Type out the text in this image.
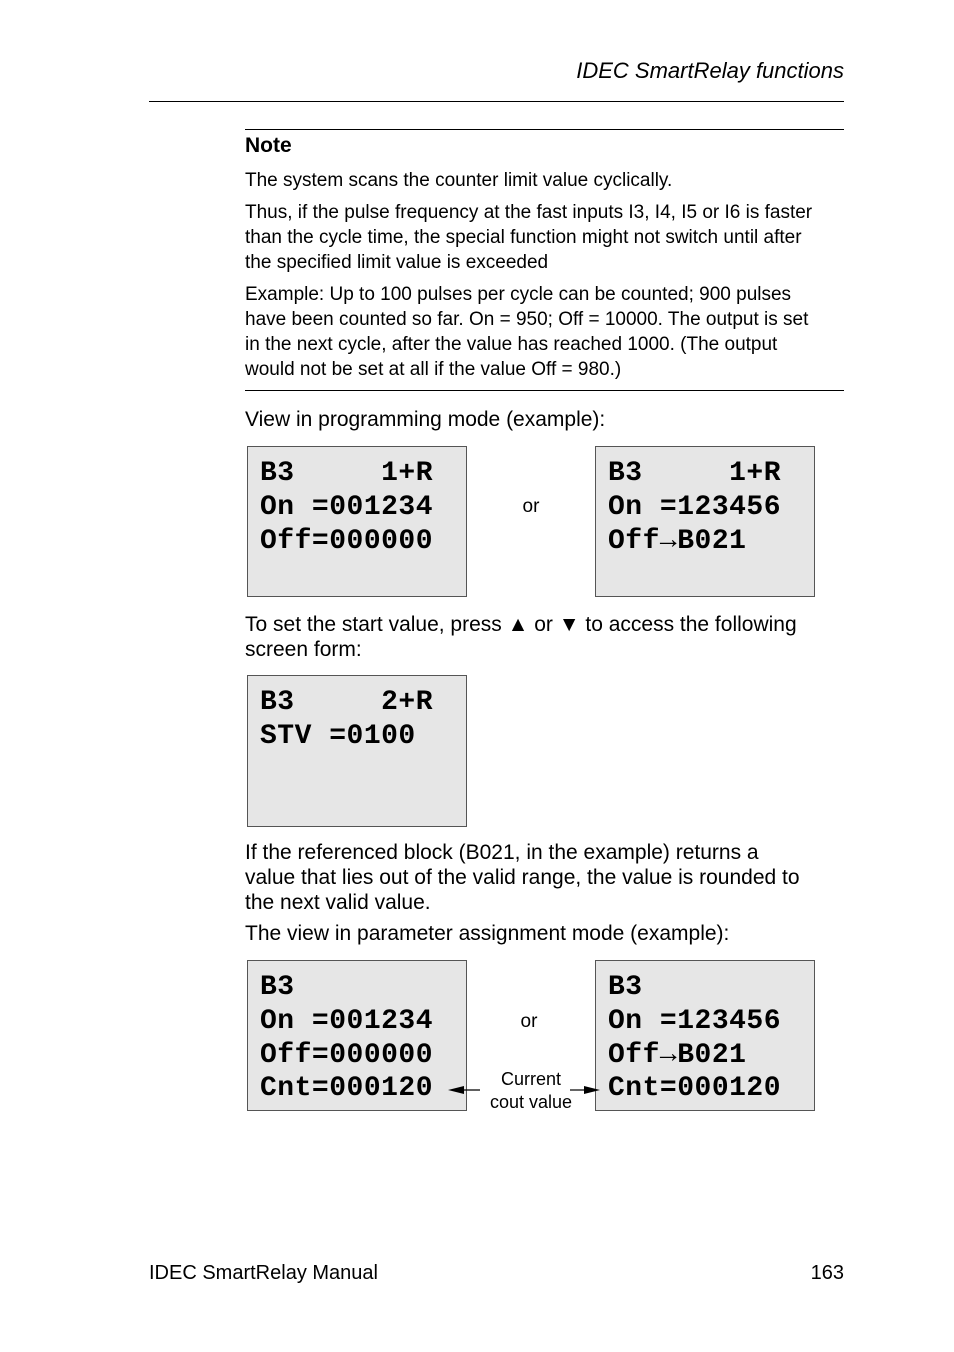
IDEC SmartRelay functions
Note
The system scans the counter limit value cyclically.
Thus, if the pulse frequency at the fast inputs I3, I4, I5 or I6 is faster
than the cycle time, the special function might not switch until after
the specified limit value is exceeded
Example: Up to 100 pulses per cycle can be counted; 900 pulses
have been counted so far. On = 950; Off = 10000. The output is set
in the next cycle, after the value has reached 1000. (The output
would not be set at all if the value Off = 980.)
View in programming mode (example):
B3     1+R
On =001234
Off=000000
or
B3     1+R
On =123456
Off→B021
To set the start value, press ▲ or ▼ to access the following
screen form:
B3     2+R
STV =0100
If the referenced block (B021, in the example) returns a
value that lies out of the valid range, the value is rounded to
the next valid value.
The view in parameter assignment mode (example):
B3
On =001234
Off=000000
Cnt=000120
or
B3
On =123456
Off→B021
Cnt=000120
Current
cout value
IDEC SmartRelay Manual	163
